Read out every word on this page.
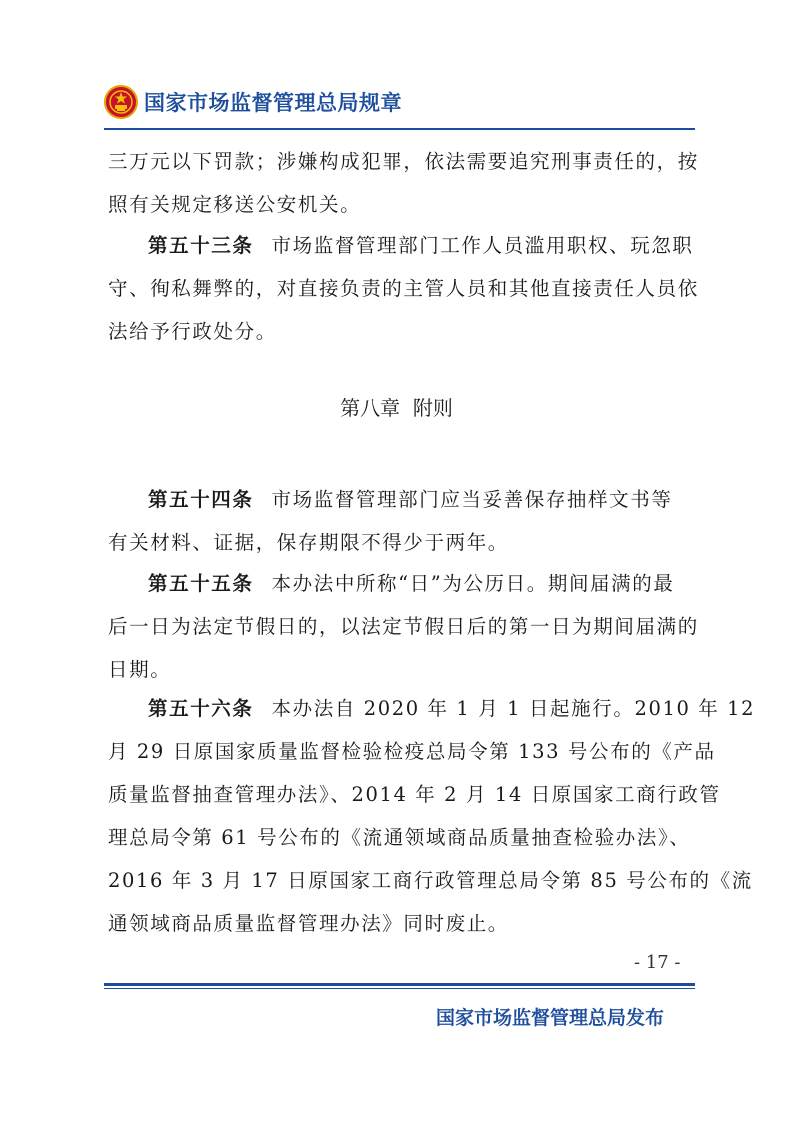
国家市场监督管理总局规章
三万元以下罚款；涉嫌构成犯罪，依法需要追究刑事责任的，按
照有关规定移送公安机关。
第五十三条 市场监督管理部门工作人员滥用职权、玩忽职
守、徇私舞弊的，对直接负责的主管人员和其他直接责任人员依
法给予行政处分。
第八章  附则
第五十四条 市场监督管理部门应当妥善保存抽样文书等
有关材料、证据，保存期限不得少于两年。
第五十五条 本办法中所称“日”为公历日。期间届满的最
后一日为法定节假日的，以法定节假日后的第一日为期间届满的
日期。
第五十六条 本办法自 2020 年 1 月 1 日起施行。2010 年 12
月 29 日原国家质量监督检验检疫总局令第 133 号公布的《产品
质量监督抽查管理办法》、2014 年 2 月 14 日原国家工商行政管
理总局令第 61 号公布的《流通领域商品质量抽查检验办法》、
2016 年 3 月 17 日原国家工商行政管理总局令第 85 号公布的《流
通领域商品质量监督管理办法》同时废止。
- 17 -
国家市场监督管理总局发布
